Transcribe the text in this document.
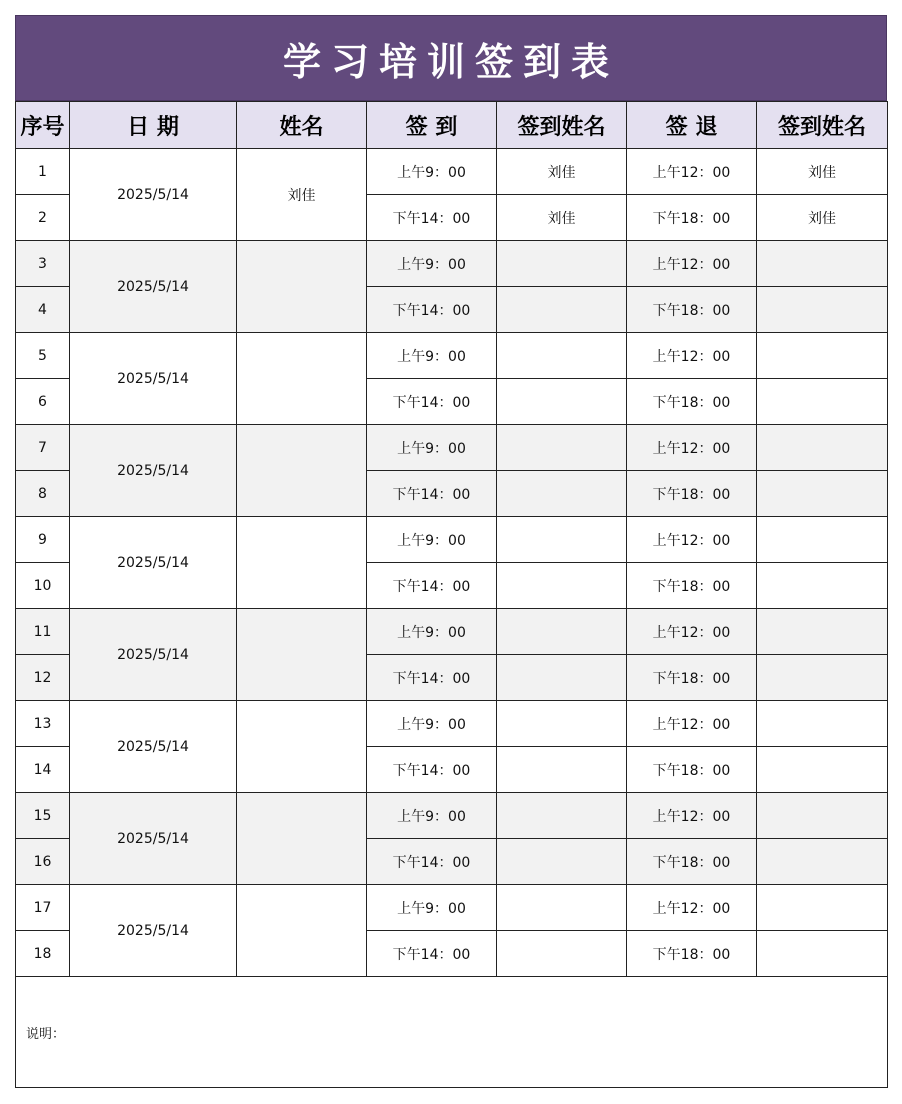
学习培训签到表
序号	日 期	姓名	签 到	签到姓名	签 退	签到姓名
1	2025/5/14	刘佳	上午9：00	刘佳	上午12：00	刘佳
2			下午14：00	刘佳	下午18：00	刘佳
3	2025/5/14		上午9：00		上午12：00	
4			下午14：00		下午18：00	
5	2025/5/14		上午9：00		上午12：00	
6			下午14：00		下午18：00	
7	2025/5/14		上午9：00		上午12：00	
8			下午14：00		下午18：00	
9	2025/5/14		上午9：00		上午12：00	
10			下午14：00		下午18：00	
11	2025/5/14		上午9：00		上午12：00	
12			下午14：00		下午18：00	
13	2025/5/14		上午9：00		上午12：00	
14			下午14：00		下午18：00	
15	2025/5/14		上午9：00		上午12：00	
16			下午14：00		下午18：00	
17	2025/5/14		上午9：00		上午12：00	
18			下午14：00		下午18：00	
说明：						
